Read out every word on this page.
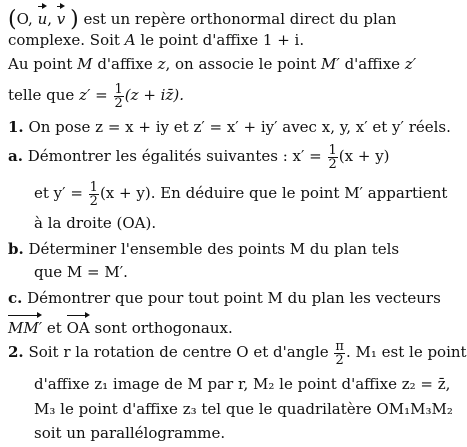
(O, u, v ) est un repère orthonormal direct du plan
complexe. Soit A le point d'affixe 1 + i.
Au point M d'affixe z, on associe le point M′ d'affixe z′
telle que $z' = \frac{1}{2} (z$ + iz̄).
1. On pose z = x + iy et z′ = x′ + iy′ avec x, y, x′ et y′ réels.
a. Démontrer les égalités suivantes : $x' = \frac{1}{2} (x + y)$
et $y' = \frac{1}{2} (x + y)$. En déduire que le point M′ appartient
à la droite (OA).
b. Déterminer l'ensemble des points M du plan tels
que M = M′.
c. Démontrer que pour tout point M du plan les vecteurs
MM′ et OA sont orthogonaux.
2. Soit r la rotation de centre O et d'angle $\frac{\pi}{2}$ . M₁ est le point
d'affixe z₁ image de M par r, M₂ le point d'affixe z₂ = z̄,
M₃ le point d'affixe z₃ tel que le quadrilatère OM₁M₃M₂
soit un parallélogramme.
